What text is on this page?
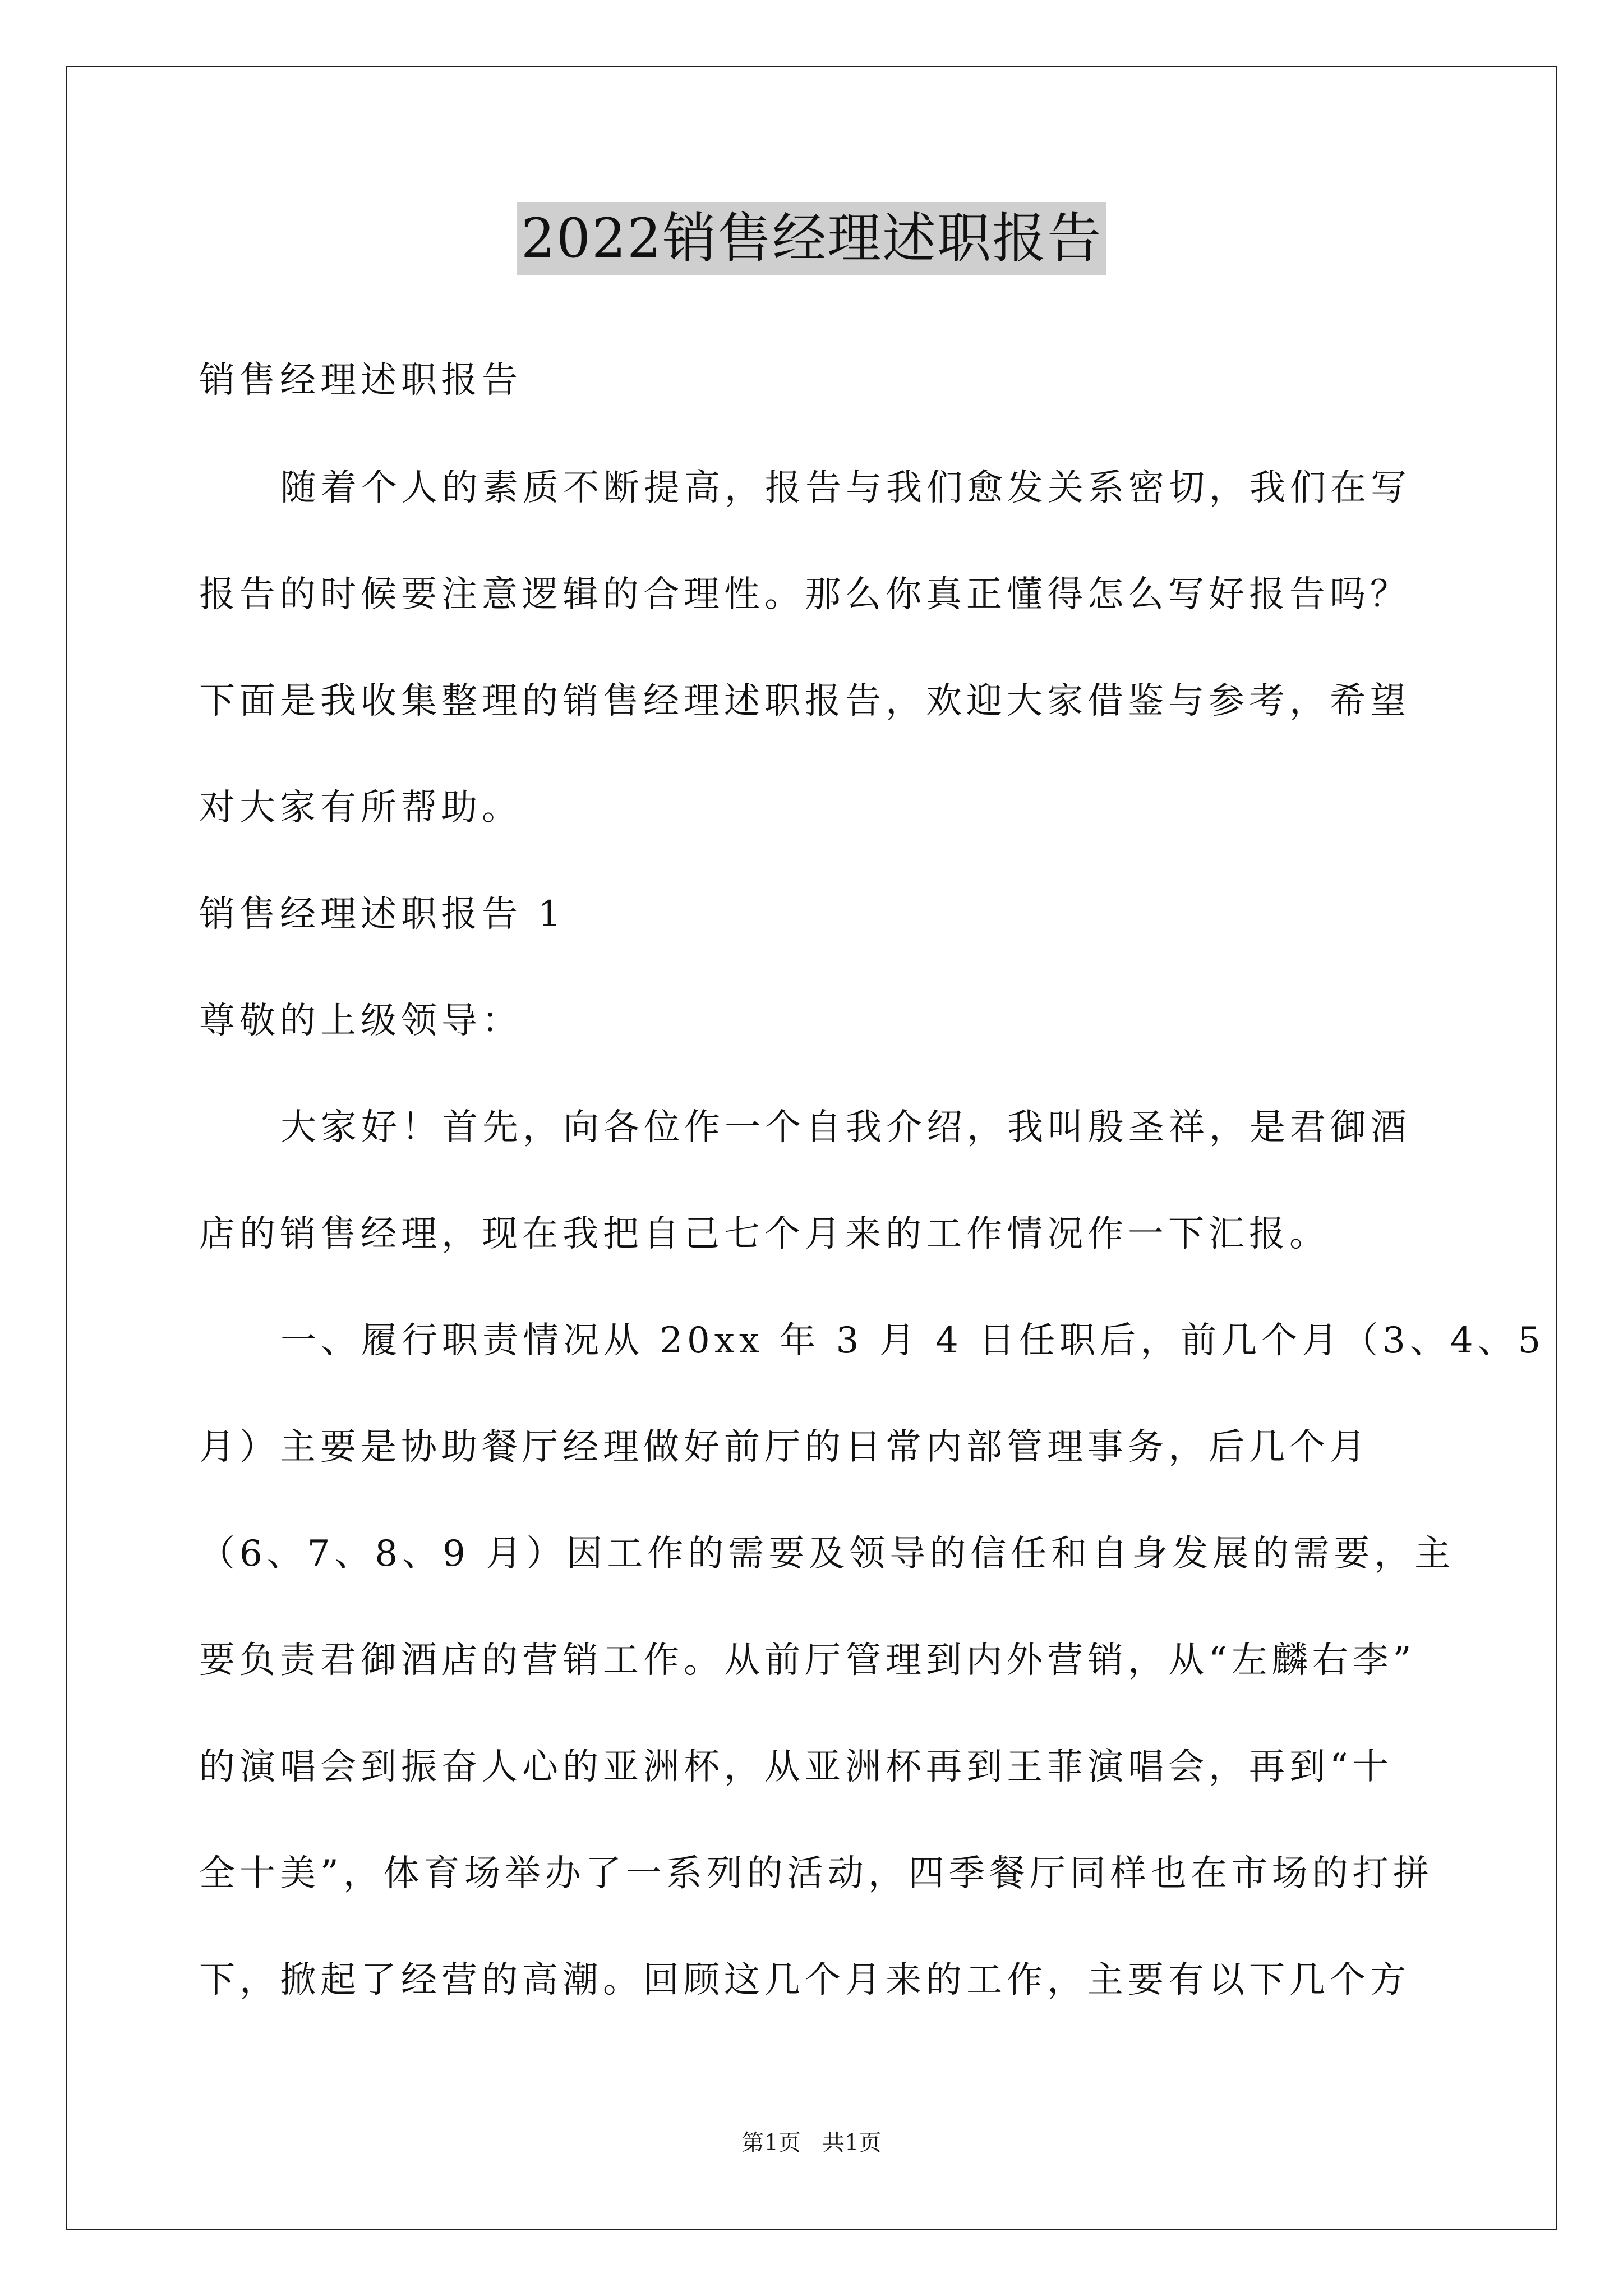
2022销售经理述职报告
销售经理述职报告
随着个人的素质不断提高，报告与我们愈发关系密切，我们在写
报告的时候要注意逻辑的合理性。那么你真正懂得怎么写好报告吗？
下面是我收集整理的销售经理述职报告，欢迎大家借鉴与参考，希望
对大家有所帮助。
销售经理述职报告 1
尊敬的上级领导：
大家好！首先，向各位作一个自我介绍，我叫殷圣祥，是君御酒
店的销售经理，现在我把自己七个月来的工作情况作一下汇报。
一、履行职责情况从 20xx 年 3 月 4 日任职后，前几个月（3、4、5
月）主要是协助餐厅经理做好前厅的日常内部管理事务，后几个月
（6、7、8、9 月）因工作的需要及领导的信任和自身发展的需要，主
要负责君御酒店的营销工作。从前厅管理到内外营销，从“左麟右李”
的演唱会到振奋人心的亚洲杯，从亚洲杯再到王菲演唱会，再到“十
全十美”，体育场举办了一系列的活动，四季餐厅同样也在市场的打拼
下，掀起了经营的高潮。回顾这几个月来的工作，主要有以下几个方
第1页   共1页
